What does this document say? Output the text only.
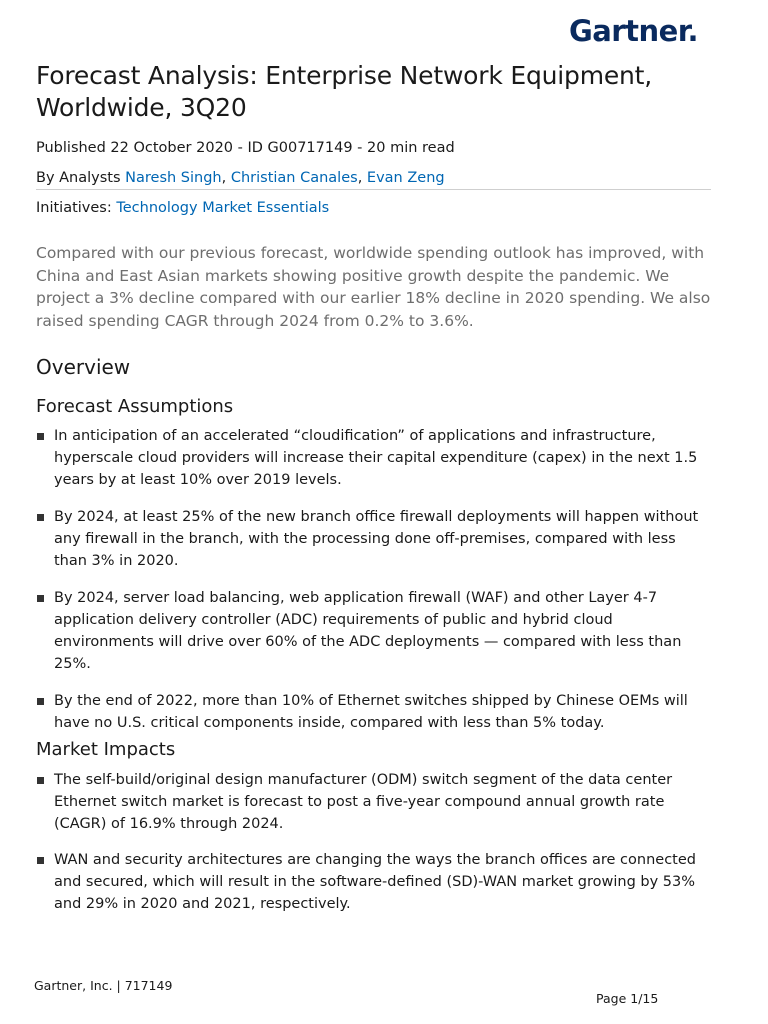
Gartner.
Forecast Analysis: Enterprise Network Equipment, Worldwide, 3Q20
Published 22 October 2020 - ID G00717149 - 20 min read
By Analysts Naresh Singh, Christian Canales, Evan Zeng
Initiatives: Technology Market Essentials

Compared with our previous forecast, worldwide spending outlook has improved, with China and East Asian markets showing positive growth despite the pandemic. We project a 3% decline compared with our earlier 18% decline in 2020 spending. We also raised spending CAGR through 2024 from 0.2% to 3.6%.

Overview
Forecast Assumptions
In anticipation of an accelerated “cloudification” of applications and infrastructure, hyperscale cloud providers will increase their capital expenditure (capex) in the next 1.5 years by at least 10% over 2019 levels.
By 2024, at least 25% of the new branch office firewall deployments will happen without any firewall in the branch, with the processing done off-premises, compared with less than 3% in 2020.
By 2024, server load balancing, web application firewall (WAF) and other Layer 4-7 application delivery controller (ADC) requirements of public and hybrid cloud environments will drive over 60% of the ADC deployments — compared with less than 25%.
By the end of 2022, more than 10% of Ethernet switches shipped by Chinese OEMs will have no U.S. critical components inside, compared with less than 5% today.
Market Impacts
The self-build/original design manufacturer (ODM) switch segment of the data center Ethernet switch market is forecast to post a five-year compound annual growth rate (CAGR) of 16.9% through 2024.
WAN and security architectures are changing the ways the branch offices are connected and secured, which will result in the software-defined (SD)-WAN market growing by 53% and 29% in 2020 and 2021, respectively.
Gartner, Inc. | 717149
Page 1/15
